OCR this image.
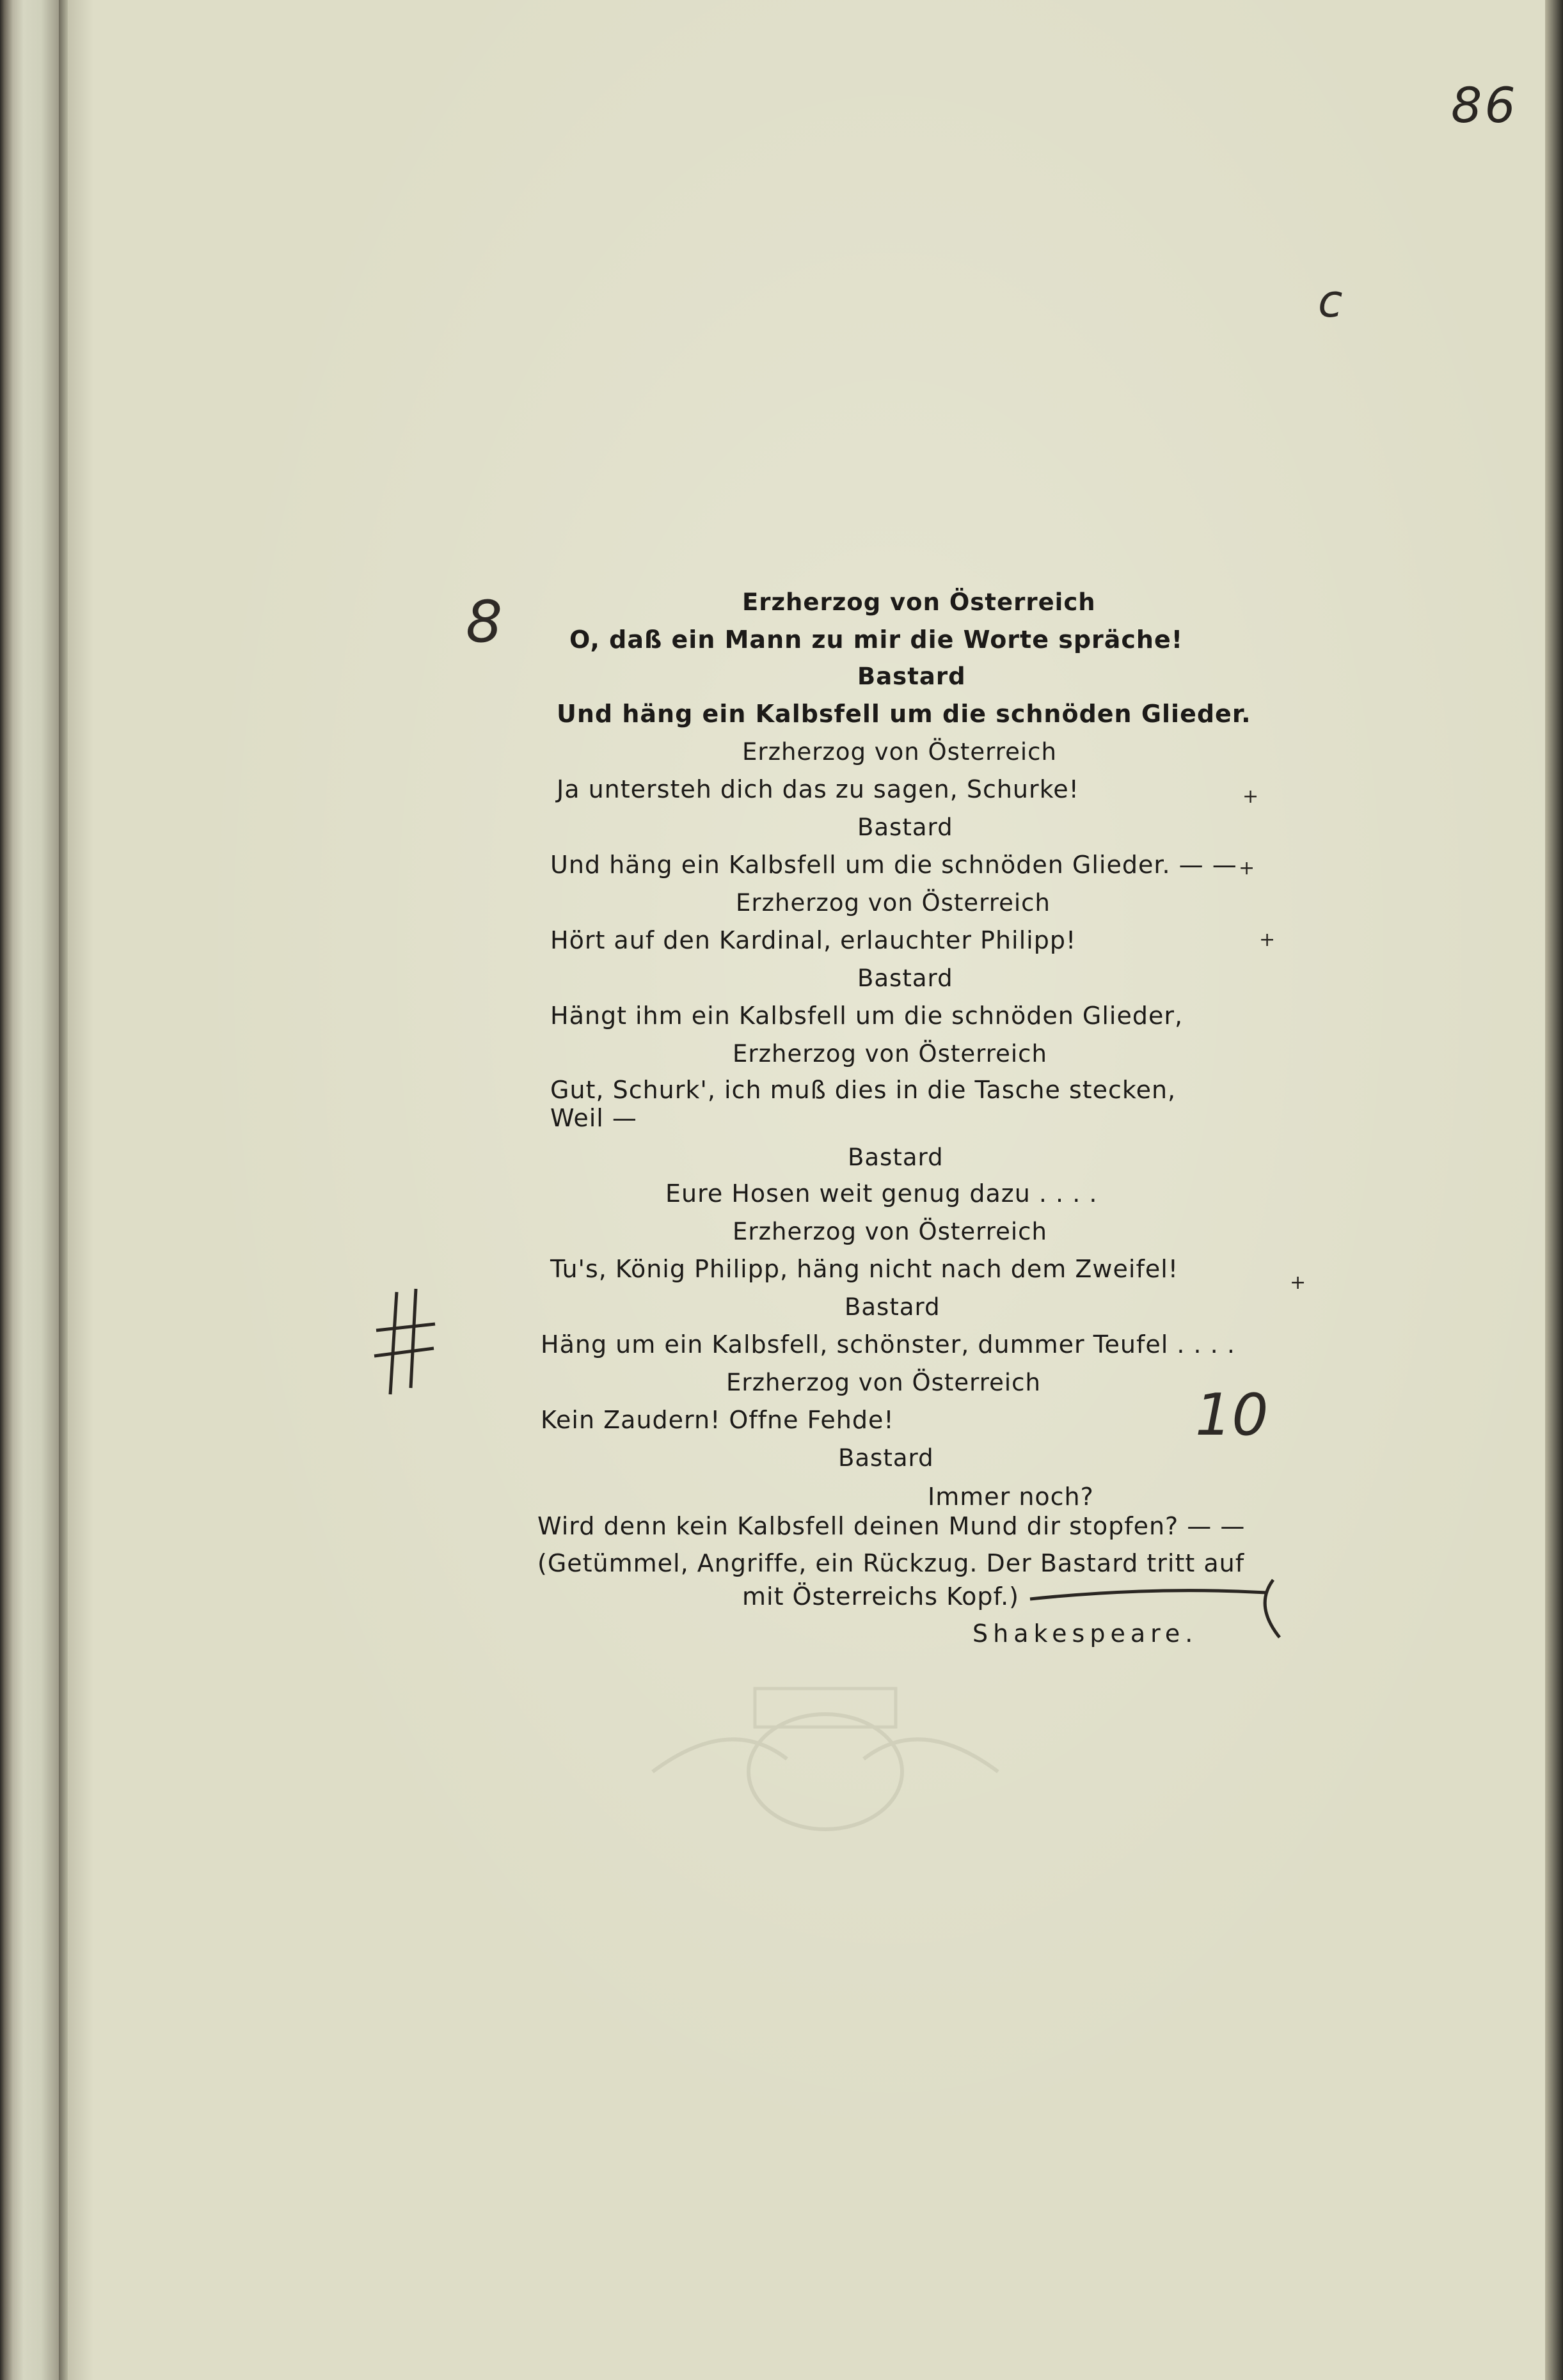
86
c
8
10
Erzherzog von Österreich
O, daß ein Mann zu mir die Worte spräche!
Bastard
Und häng ein Kalbsfell um die schnöden Glieder.
Erzherzog von Österreich
Ja untersteh dich das zu sagen, Schurke!
Bastard
Und häng ein Kalbsfell um die schnöden Glieder. — —
Erzherzog von Österreich
Hört auf den Kardinal, erlauchter Philipp!
Bastard
Hängt ihm ein Kalbsfell um die schnöden Glieder,
Erzherzog von Österreich
Gut, Schurk', ich muß dies in die Tasche stecken,
Weil —
Bastard
Eure Hosen weit genug dazu . . . .
Erzherzog von Österreich
Tu's, König Philipp, häng nicht nach dem Zweifel!
Bastard
Häng um ein Kalbsfell, schönster, dummer Teufel . . . .
Erzherzog von Österreich
Kein Zaudern! Offne Fehde!
Bastard
Immer noch?
Wird denn kein Kalbsfell deinen Mund dir stopfen? — —
(Getümmel, Angriffe, ein Rückzug. Der Bastard tritt auf
mit Österreichs Kopf.)
Shakespeare.
+
+
+
+
